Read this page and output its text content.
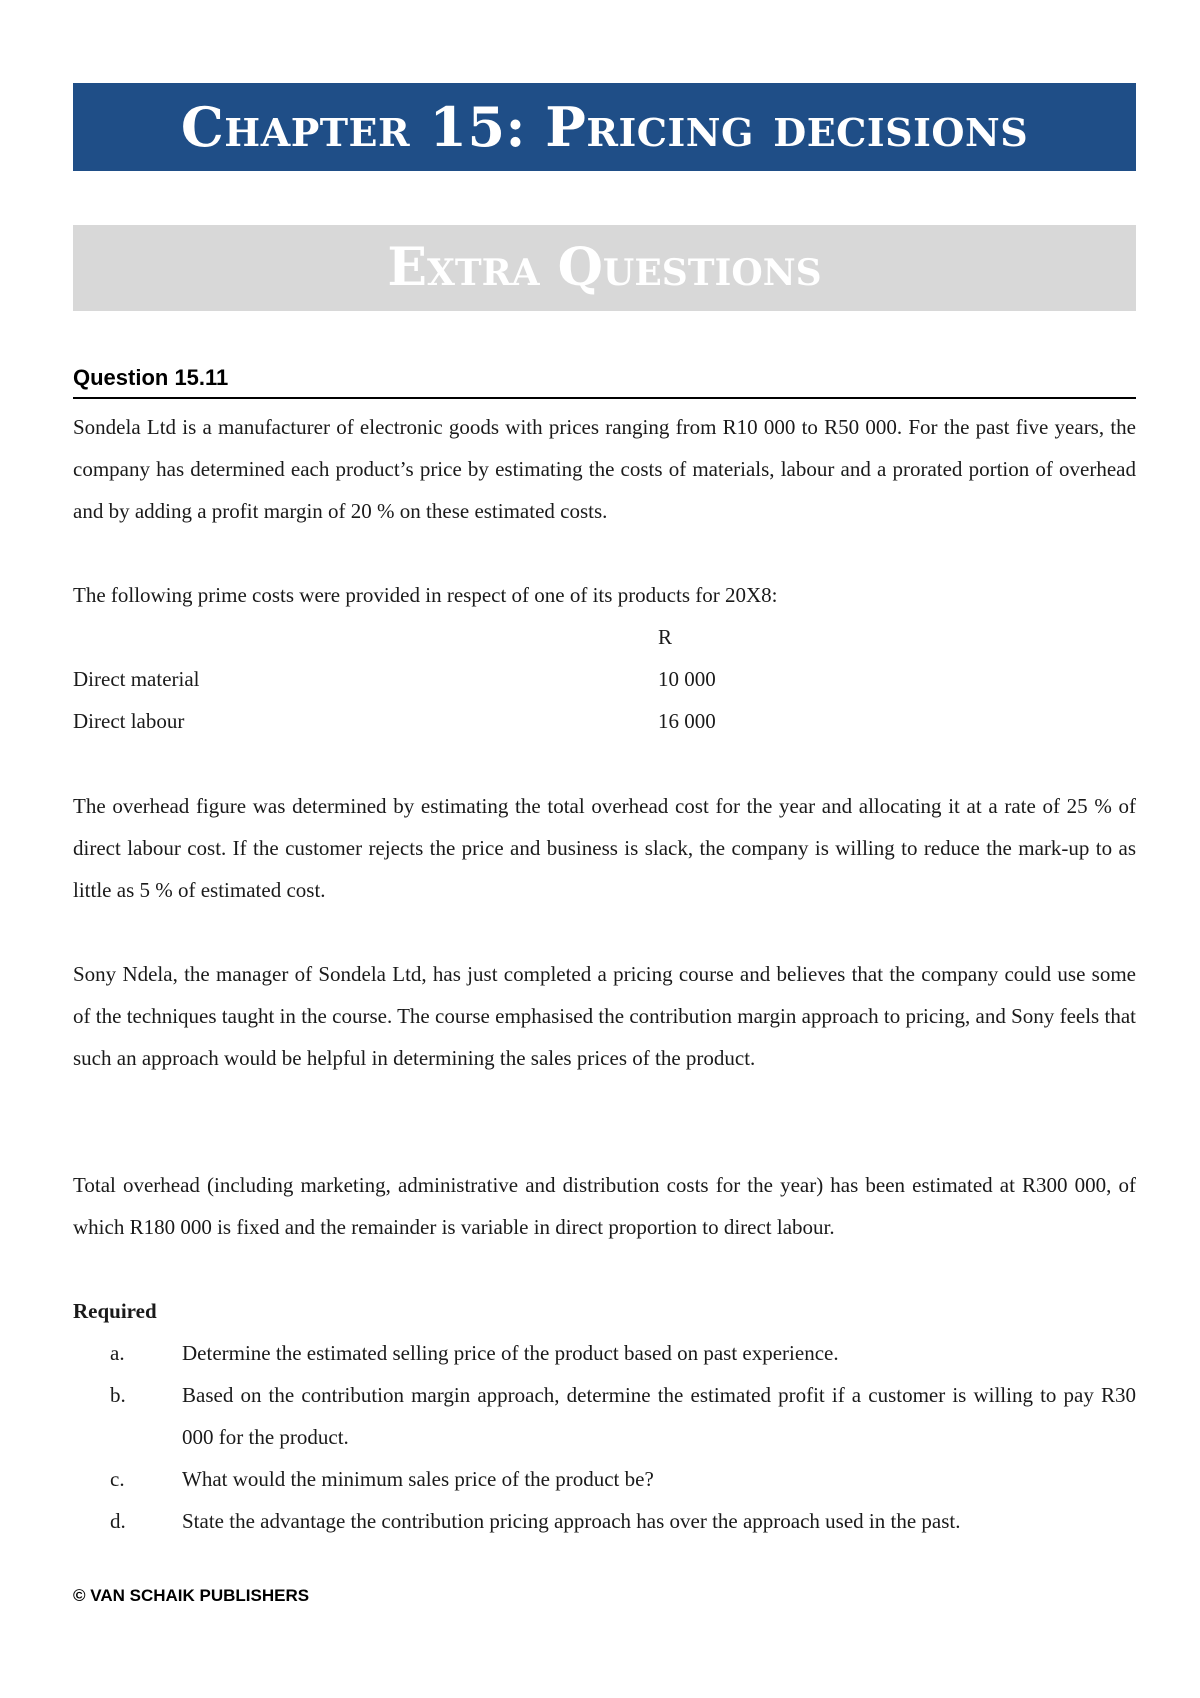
Chapter 15: Pricing decisions
Extra Questions
Question 15.11

Sondela Ltd is a manufacturer of electronic goods with prices ranging from R10 000 to R50 000. For the past five years, the company has determined each product’s price by estimating the costs of materials, labour and a prorated portion of overhead and by adding a profit margin of 20 % on these estimated costs.

The following prime costs were provided in respect of one of its products for 20X8:

R
Direct material	10 000
Direct labour	16 000

The overhead figure was determined by estimating the total overhead cost for the year and allocating it at a rate of 25 % of direct labour cost. If the customer rejects the price and business is slack, the company is willing to reduce the mark-up to as little as 5 % of estimated cost.

Sony Ndela, the manager of Sondela Ltd, has just completed a pricing course and believes that the company could use some of the techniques taught in the course. The course emphasised the contribution margin approach to pricing, and Sony feels that such an approach would be helpful in determining the sales prices of the product.

Total overhead (including marketing, administrative and distribution costs for the year) has been estimated at R300 000, of which R180 000 is fixed and the remainder is variable in direct proportion to direct labour.

Required
a.	Determine the estimated selling price of the product based on past experience.
b.	Based on the contribution margin approach, determine the estimated profit if a customer is willing to pay R30 000 for the product.
c.	What would the minimum sales price of the product be?
d.	State the advantage the contribution pricing approach has over the approach used in the past.
© VAN SCHAIK PUBLISHERS
